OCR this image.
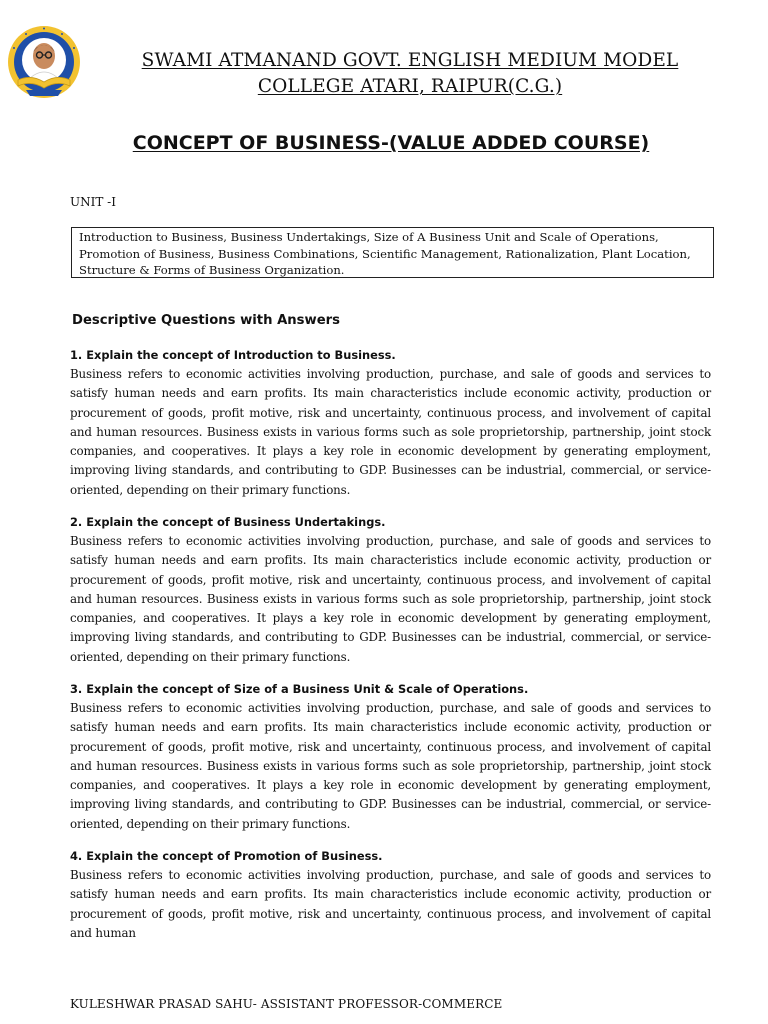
SWAMI ATMANAND GOVT. ENGLISH MEDIUM MODEL
COLLEGE ATARI, RAIPUR(C.G.)
CONCEPT OF BUSINESS-(VALUE ADDED COURSE)
UNIT -I
Introduction to Business, Business Undertakings, Size of A Business Unit and Scale of Operations, Promotion of Business, Business Combinations, Scientific Management, Rationalization, Plant Location, Structure & Forms of Business Organization.
Descriptive Questions with Answers

1. Explain the concept of Introduction to Business.

Business refers to economic activities involving production, purchase, and sale of goods and services to satisfy human needs and earn profits. Its main characteristics include economic activity, production or procurement of goods, profit motive, risk and uncertainty, continuous process, and involvement of capital and human resources. Business exists in various forms such as sole proprietorship, partnership, joint stock companies, and cooperatives. It plays a key role in economic development by generating employment, improving living standards, and contributing to GDP. Businesses can be industrial, commercial, or service-oriented, depending on their primary functions.

2. Explain the concept of Business Undertakings.

Business refers to economic activities involving production, purchase, and sale of goods and services to satisfy human needs and earn profits. Its main characteristics include economic activity, production or procurement of goods, profit motive, risk and uncertainty, continuous process, and involvement of capital and human resources. Business exists in various forms such as sole proprietorship, partnership, joint stock companies, and cooperatives. It plays a key role in economic development by generating employment, improving living standards, and contributing to GDP. Businesses can be industrial, commercial, or service-oriented, depending on their primary functions.

3. Explain the concept of Size of a Business Unit & Scale of Operations.

Business refers to economic activities involving production, purchase, and sale of goods and services to satisfy human needs and earn profits. Its main characteristics include economic activity, production or procurement of goods, profit motive, risk and uncertainty, continuous process, and involvement of capital and human resources. Business exists in various forms such as sole proprietorship, partnership, joint stock companies, and cooperatives. It plays a key role in economic development by generating employment, improving living standards, and contributing to GDP. Businesses can be industrial, commercial, or service-oriented, depending on their primary functions.

4. Explain the concept of Promotion of Business.

Business refers to economic activities involving production, purchase, and sale of goods and services to satisfy human needs and earn profits. Its main characteristics include economic activity, production or procurement of goods, profit motive, risk and uncertainty, continuous process, and involvement of capital and human

KULESHWAR PRASAD SAHU- ASSISTANT PROFESSOR-COMMERCE
